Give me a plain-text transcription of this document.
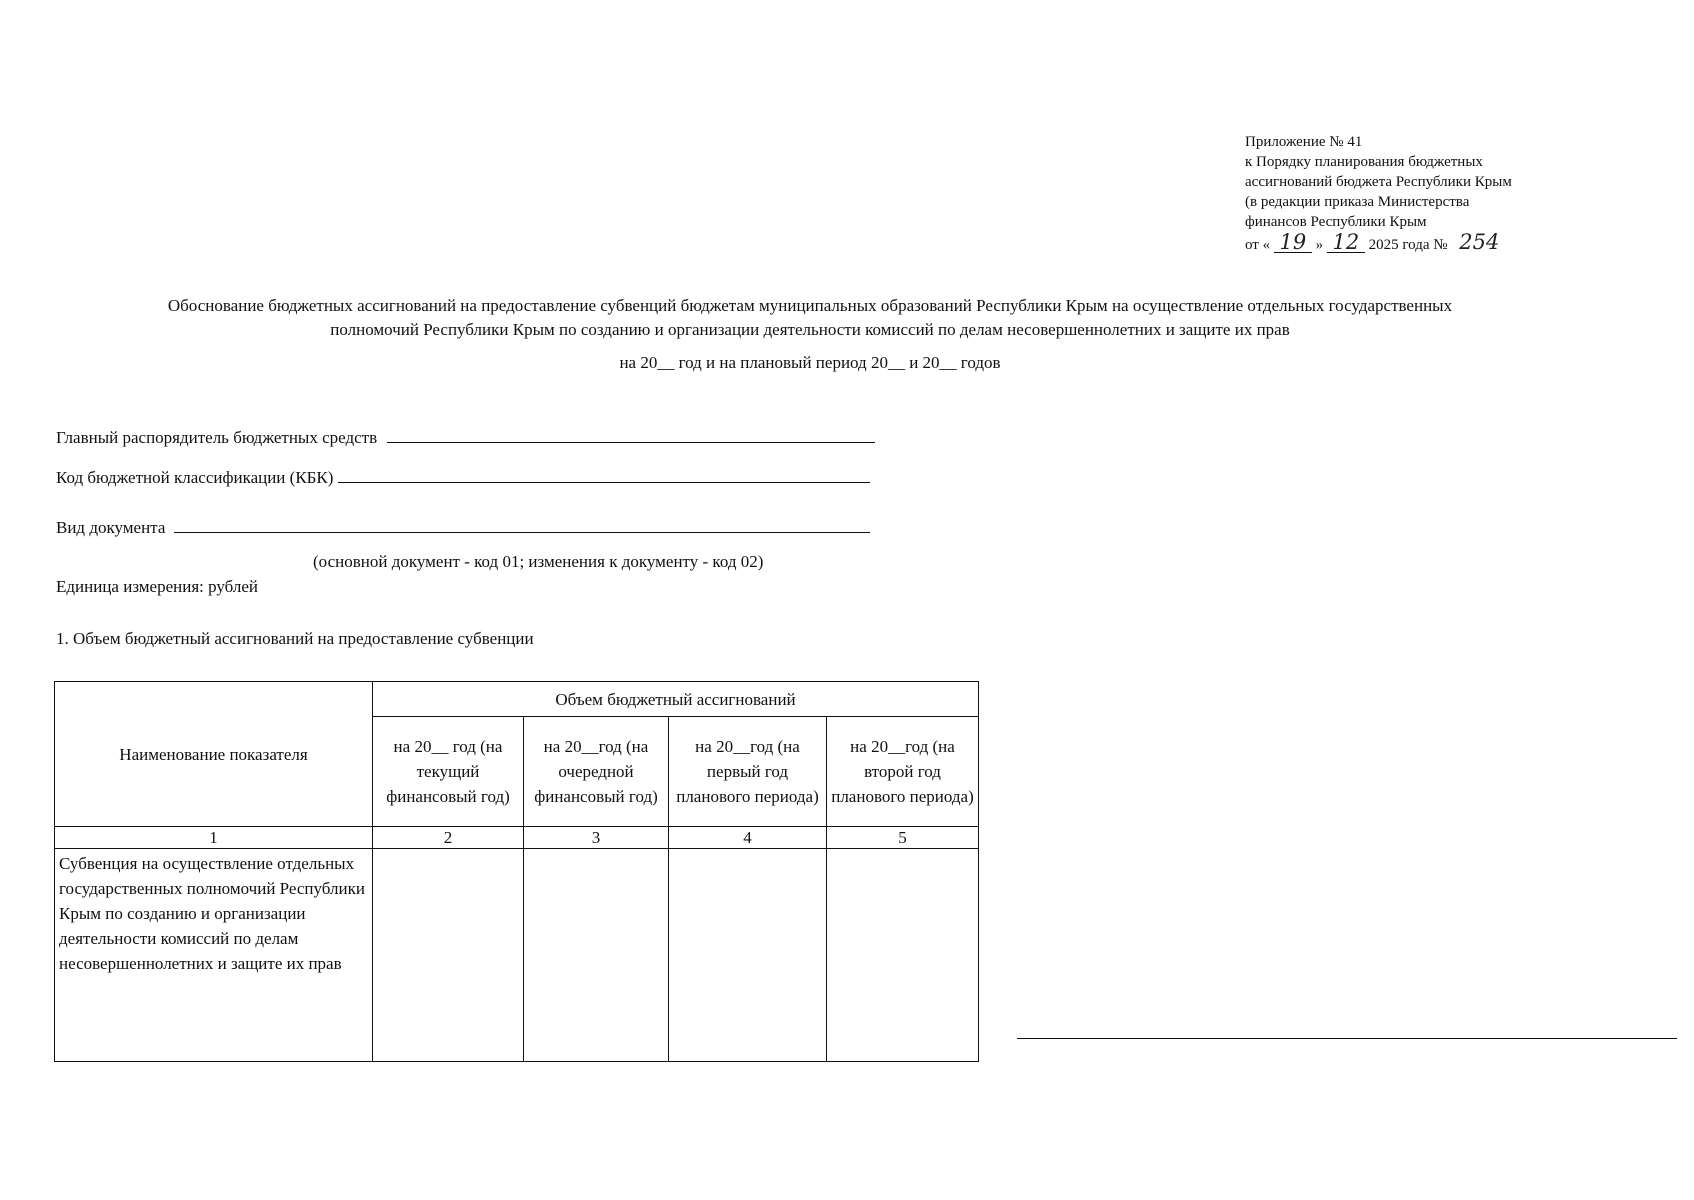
Приложение № 41
к Порядку планирования бюджетных
ассигнований бюджета Республики Крым
(в редакции приказа Министерства
финансов Республики Крым
от « 19 » 12 2025 года № 254
Обоснование бюджетных ассигнований на предоставление субвенций бюджетам муниципальных образований Республики Крым на осуществление отдельных государственных
полномочий Республики Крым по созданию и организации деятельности комиссий по делам несовершеннолетних и защите их прав
на 20__ год и на плановый период 20__ и 20__ годов
Главный распорядитель бюджетных средств
Код бюджетной классификации (КБК)
Вид документа
(основной документ - код 01; изменения к документу - код 02)
Единица измерения: рублей
1. Объем бюджетный ассигнований на предоставление субвенции
Наименование показателя	Объем бюджетный ассигнований			
	на 20__ год (на текущий финансовый год)	на 20__год (на очередной финансовый год)	на 20__год (на первый год планового периода)	на 20__год (на второй год планового периода)
1	2	3	4	5
Субвенция на осуществление отдельных государственных полномочий Республики Крым по созданию и организации деятельности комиссий по делам несовершеннолетних и защите их прав				
